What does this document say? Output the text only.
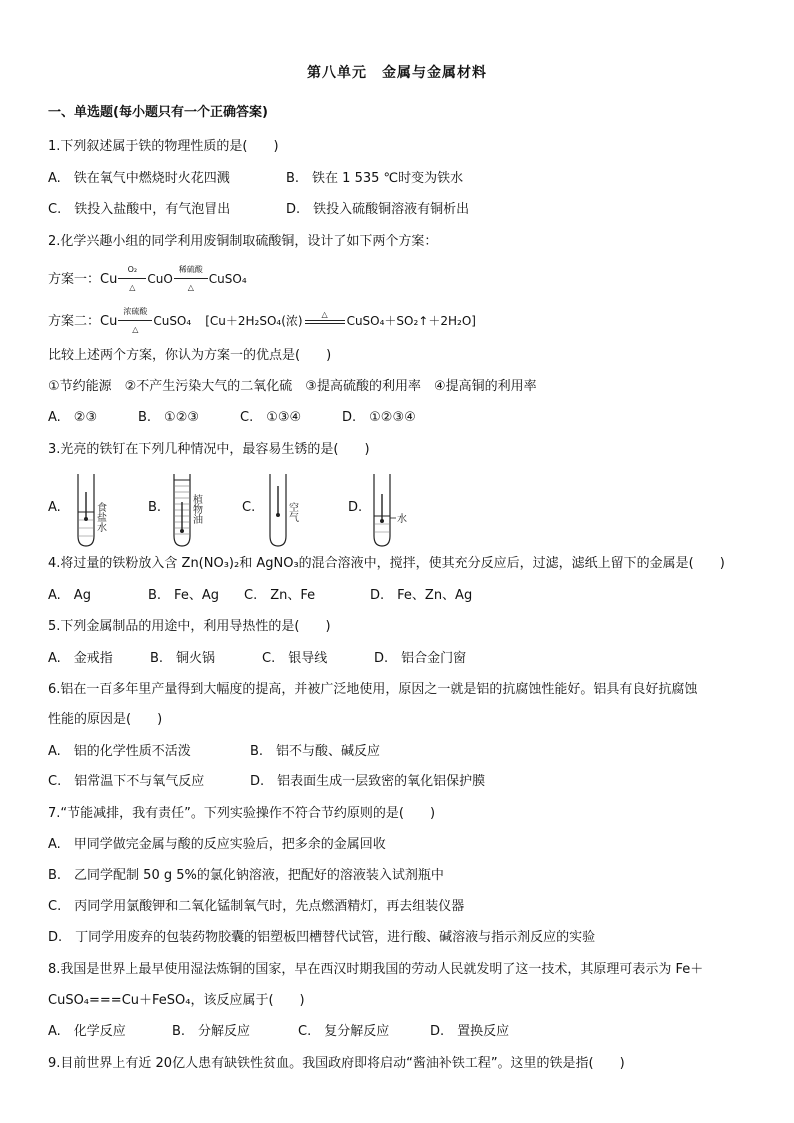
第八单元　金属与金属材料
一、单选题(每小题只有一个正确答案)
1.下列叙述属于铁的物理性质的是(　　)
A.　铁在氧气中燃烧时火花四溅	B.　铁在 1 535 ℃时变为铁水
C.　铁投入盐酸中，有气泡冒出	D.　铁投入硫酸铜溶液有铜析出
2.化学兴趣小组的同学利用废铜制取硫酸铜，设计了如下两个方案：
方案一：Cu
O₂
△
CuO
稀硫酸
△
CuSO₄
方案二：Cu
浓硫酸
△
CuSO₄ [Cu＋2H₂SO₄(浓)	△	CuSO₄＋SO₂↑＋2H₂O]
比较上述两个方案，你认为方案一的优点是(　　)
①节约能源　②不产生污染大气的二氧化硫　③提高硫酸的利用率　④提高铜的利用率
A.　②③	B.　①②③	C.　①③④	D.　①②③④
3.光亮的铁钉在下列几种情况中，最容易生锈的是(　　)
A.	食盐水	B.	植物油	C.	空气	D.
水
4.将过量的铁粉放入含 Zn(NO₃)₂和 AgNO₃的混合溶液中，搅拌，使其充分反应后，过滤，滤纸上留下的金属是(　　)
A.　Ag	B.　Fe、Ag C.　Zn、Fe	D.　Fe、Zn、Ag
5.下列金属制品的用途中，利用导热性的是(　　)
A.　金戒指	B.　铜火锅	C.　银导线	D.　铝合金门窗
6.铝在一百多年里产量得到大幅度的提高，并被广泛地使用，原因之一就是铝的抗腐蚀性能好。铝具有良好抗腐蚀
性能的原因是(　　)
A.　铝的化学性质不活泼	B.　铝不与酸、碱反应
C.　铝常温下不与氧气反应	D.　铝表面生成一层致密的氧化铝保护膜
7.“节能减排，我有责任”。下列实验操作不符合节约原则的是(　　)
A.　甲同学做完金属与酸的反应实验后，把多余的金属回收
B.　乙同学配制 50 g 5%的氯化钠溶液，把配好的溶液装入试剂瓶中
C.　丙同学用氯酸钾和二氧化锰制氧气时，先点燃酒精灯，再去组装仪器
D.　丁同学用废弃的包装药物胶囊的铝塑板凹槽替代试管，进行酸、碱溶液与指示剂反应的实验
8.我国是世界上最早使用湿法炼铜的国家，早在西汉时期我国的劳动人民就发明了这一技术，其原理可表示为 Fe＋
CuSO₄===Cu＋FeSO₄，该反应属于(　　)
A.　化学反应	B.　分解反应	C.　复分解反应	D.　置换反应
9.目前世界上有近 20亿人患有缺铁性贫血。我国政府即将启动“酱油补铁工程”。这里的铁是指(　　)
